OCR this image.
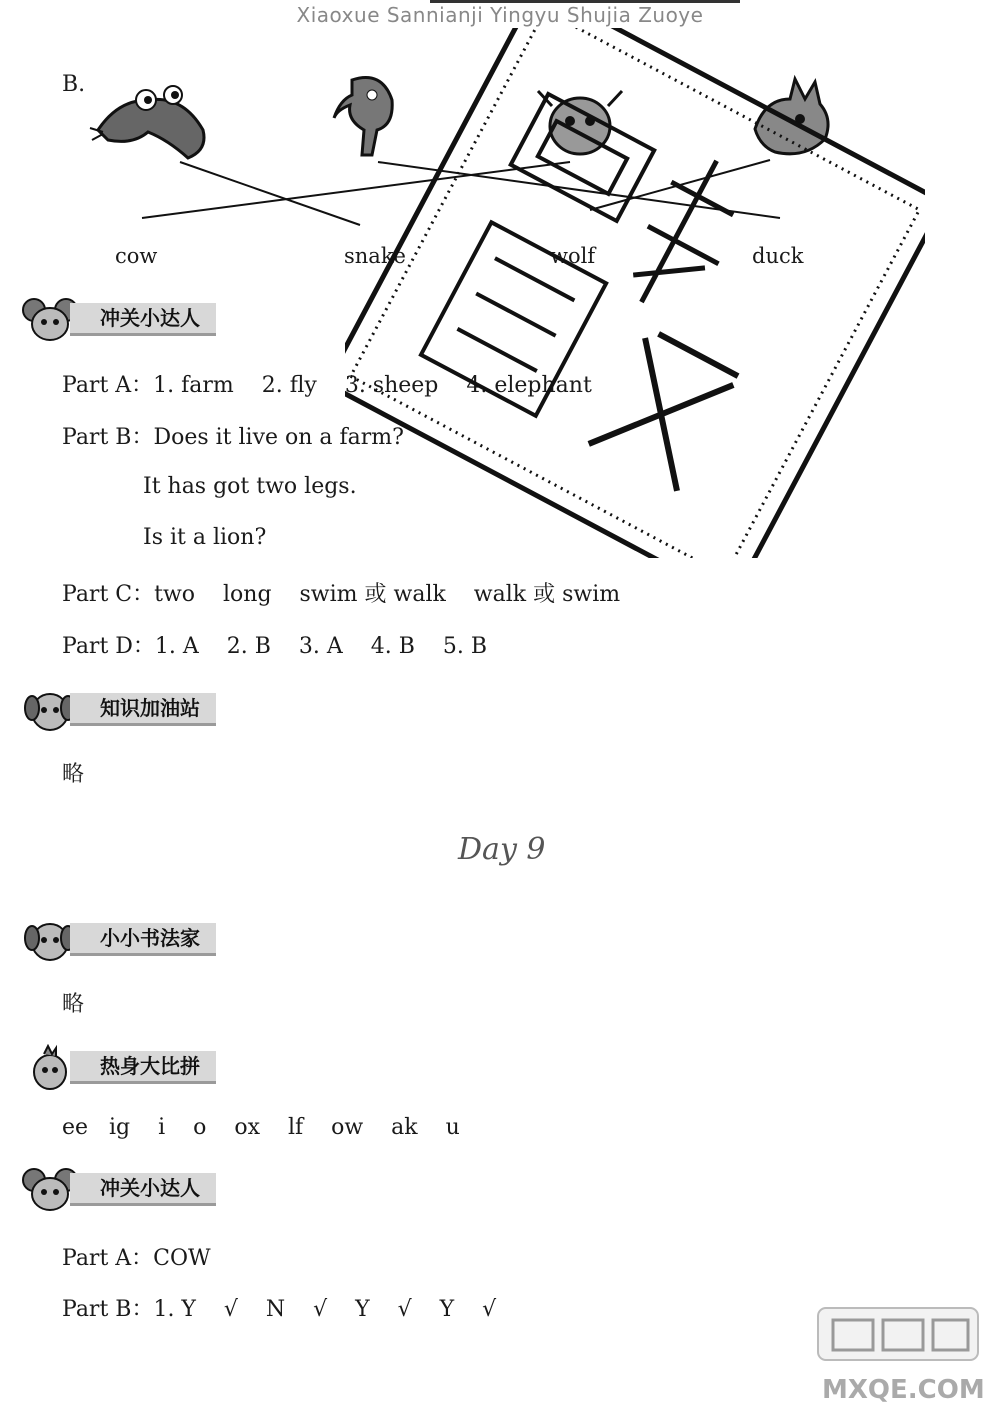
Xiaoxue Sannianji Yingyu Shujia Zuoye
B.
cow	snake	wolf	duck
冲关小达人
Part A：1. farm    2. fly    3. sheep    4. elephant
Part B：Does it live on a farm?
It has got two legs.
Is it a lion?
Part C：two    long    swim 或 walk    walk 或 swim
Part D：1. A    2. B    3. A    4. B    5. B
知识加油站
略
Day 9
小小书法家
略
热身大比拼
ee   ig    i    o    ox    lf    ow    ak    u
冲关小达人
Part A：COW
Part B：1. Y    √    N    √    Y    √    Y    √
MXQE.COM
